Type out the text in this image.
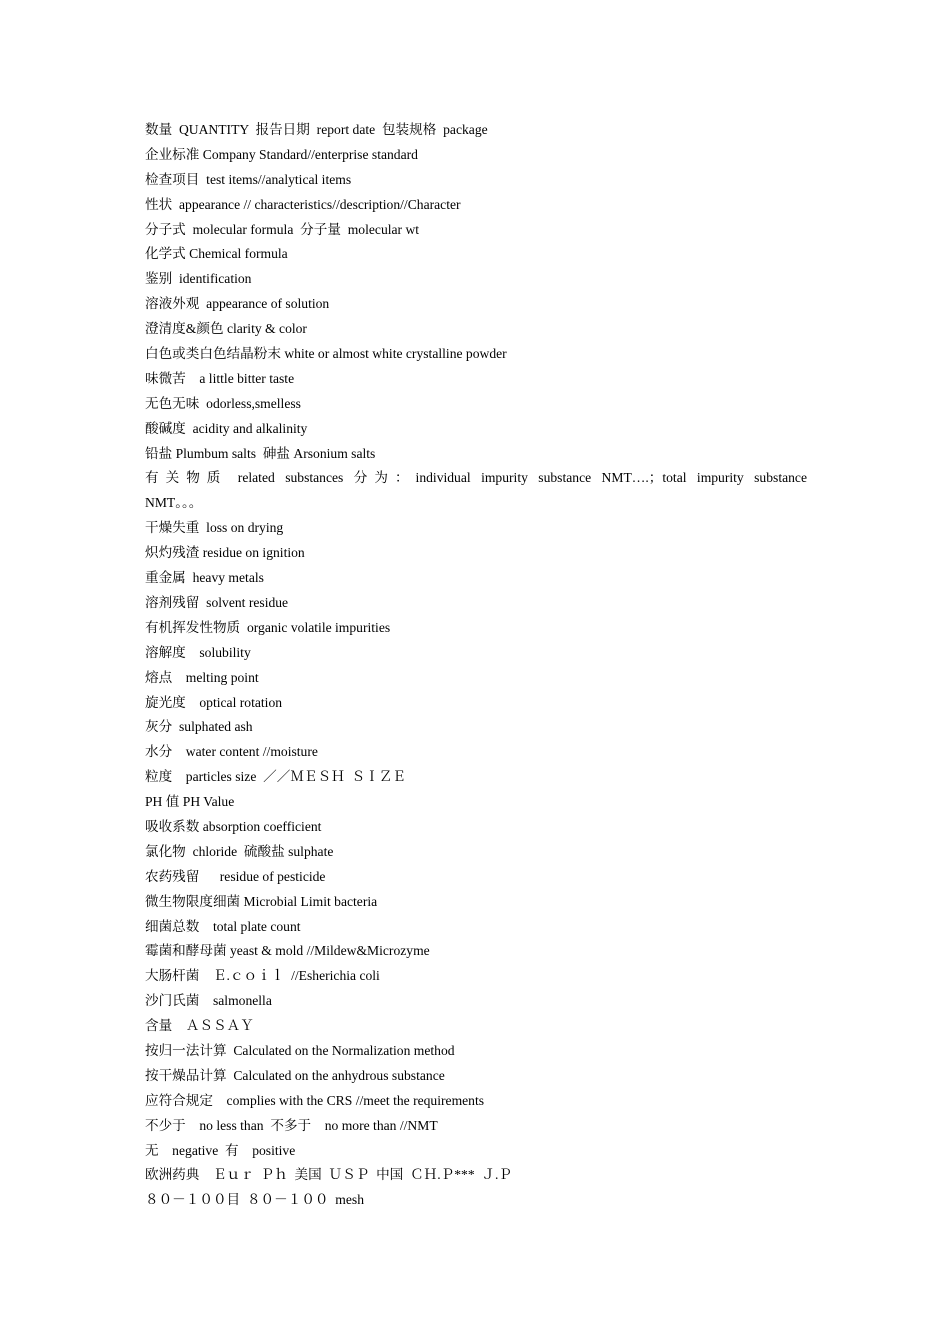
数量  QUANTITY  报告日期  report date  包装规格  package
企业标准 Company Standard//enterprise standard
检查项目  test items//analytical items
性状  appearance // characteristics//description//Character
分子式  molecular formula  分子量  molecular wt
化学式 Chemical formula
鉴别  identification
溶液外观  appearance of solution
澄清度&颜色 clarity & color
白色或类白色结晶粉末 white or almost white crystalline powder
味微苦    a little bitter taste
无色无味  odorless,smelless
酸碱度  acidity and alkalinity
铅盐 Plumbum salts  砷盐 Arsonium salts
有关物质 related substances 分为：individual impurity substance NMT….；total impurity substance
NMT。。。
干燥失重  loss on drying
炽灼残渣 residue on ignition
重金属  heavy metals
溶剂残留  solvent residue
有机挥发性物质  organic volatile impurities
溶解度    solubility
熔点    melting point
旋光度    optical rotation
灰分  sulphated ash
水分    water content //moisture
粒度    particles size  ／／ＭＥＳＨ  ＳＩＺＥ
PH 值 PH Value
吸收系数 absorption coefficient
氯化物  chloride  硫酸盐 sulphate
农药残留      residue of pesticide
微生物限度细菌 Microbial Limit bacteria
细菌总数    total plate count
霉菌和酵母菌 yeast & mold //Mildew&Microzyme
大肠杆菌    Ｅ.ｃｏｉｌ  //Esherichia coli
沙门氏菌    salmonella
含量    ＡＳＳＡＹ
按归一法计算  Calculated on the Normalization method
按干燥品计算  Calculated on the anhydrous substance
应符合规定    complies with the CRS //meet the requirements
不少于    no less than  不多于    no more than //NMT
无    negative  有    positive
欧洲药典    Ｅｕｒ  Ｐｈ  美国  ＵＳＰ  中国  ＣＨ.Ｐ***  Ｊ.Ｐ
８０－１００目  ８０－１００  mesh
